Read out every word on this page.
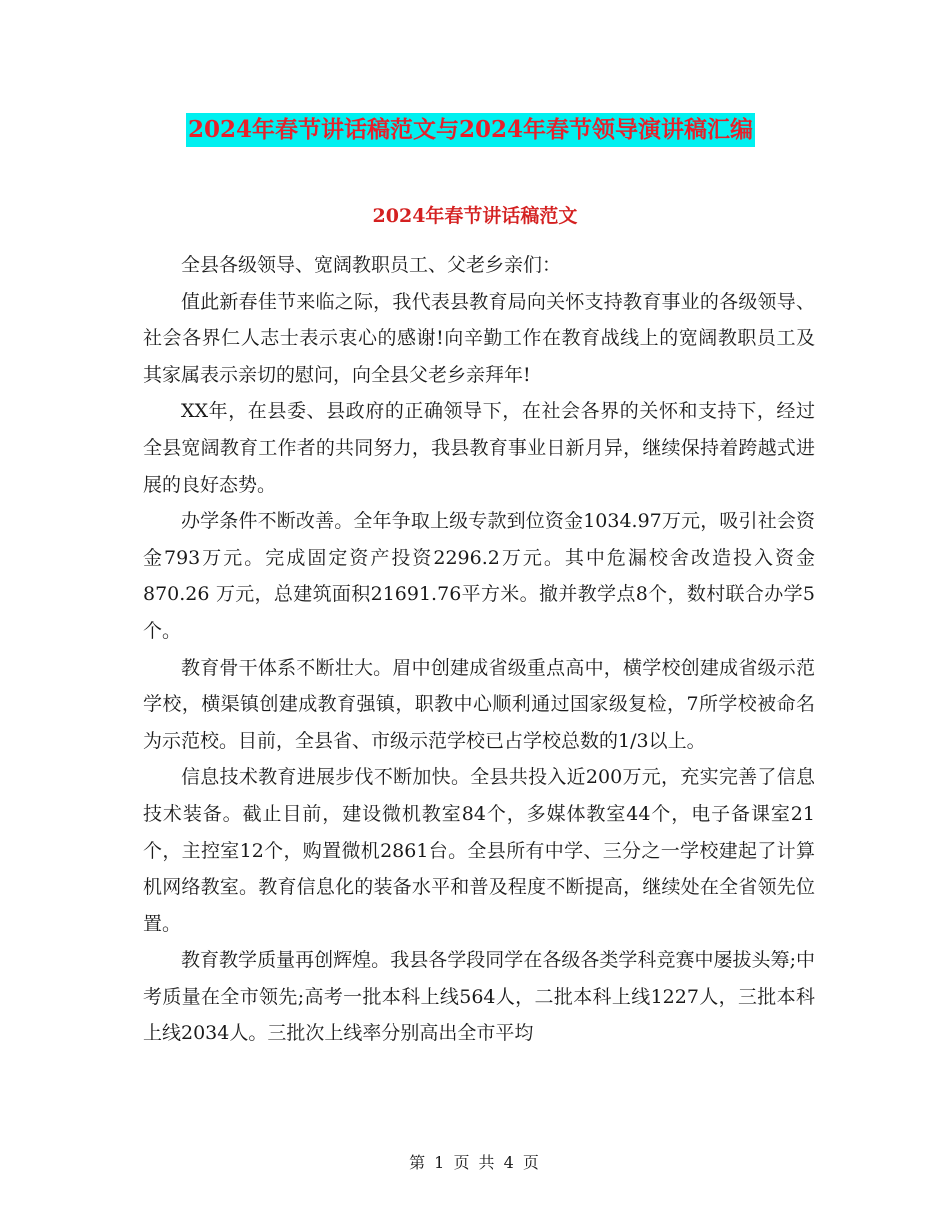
2024年春节讲话稿范文与2024年春节领导演讲稿汇编
2024年春节讲话稿范文

全县各级领导、宽阔教职员工、父老乡亲们：

值此新春佳节来临之际，我代表县教育局向关怀支持教育事业的各级领导、社会各界仁人志士表示衷心的感谢!向辛勤工作在教育战线上的宽阔教职员工及其家属表示亲切的慰问，向全县父老乡亲拜年!

XX年，在县委、县政府的正确领导下，在社会各界的关怀和支持下，经过全县宽阔教育工作者的共同努力，我县教育事业日新月异，继续保持着跨越式进展的良好态势。

办学条件不断改善。全年争取上级专款到位资金1034.97万元，吸引社会资金793万元。完成固定资产投资2296.2万元。其中危漏校舍改造投入资金 870.26 万元，总建筑面积21691.76平方米。撤并教学点8个，数村联合办学5个。

教育骨干体系不断壮大。眉中创建成省级重点高中，横学校创建成省级示范学校，横渠镇创建成教育强镇，职教中心顺利通过国家级复检，7所学校被命名为示范校。目前，全县省、市级示范学校已占学校总数的1/3以上。

信息技术教育进展步伐不断加快。全县共投入近200万元，充实完善了信息技术装备。截止目前，建设微机教室84个，多媒体教室44个，电子备课室21个，主控室12个，购置微机2861台。全县所有中学、三分之一学校建起了计算机网络教室。教育信息化的装备水平和普及程度不断提高，继续处在全省领先位置。

教育教学质量再创辉煌。我县各学段同学在各级各类学科竞赛中屡拔头筹;中考质量在全市领先;高考一批本科上线564人，二批本科上线1227人，三批本科上线2034人。三批次上线率分别高出全市平均

第 1 页 共 4 页
